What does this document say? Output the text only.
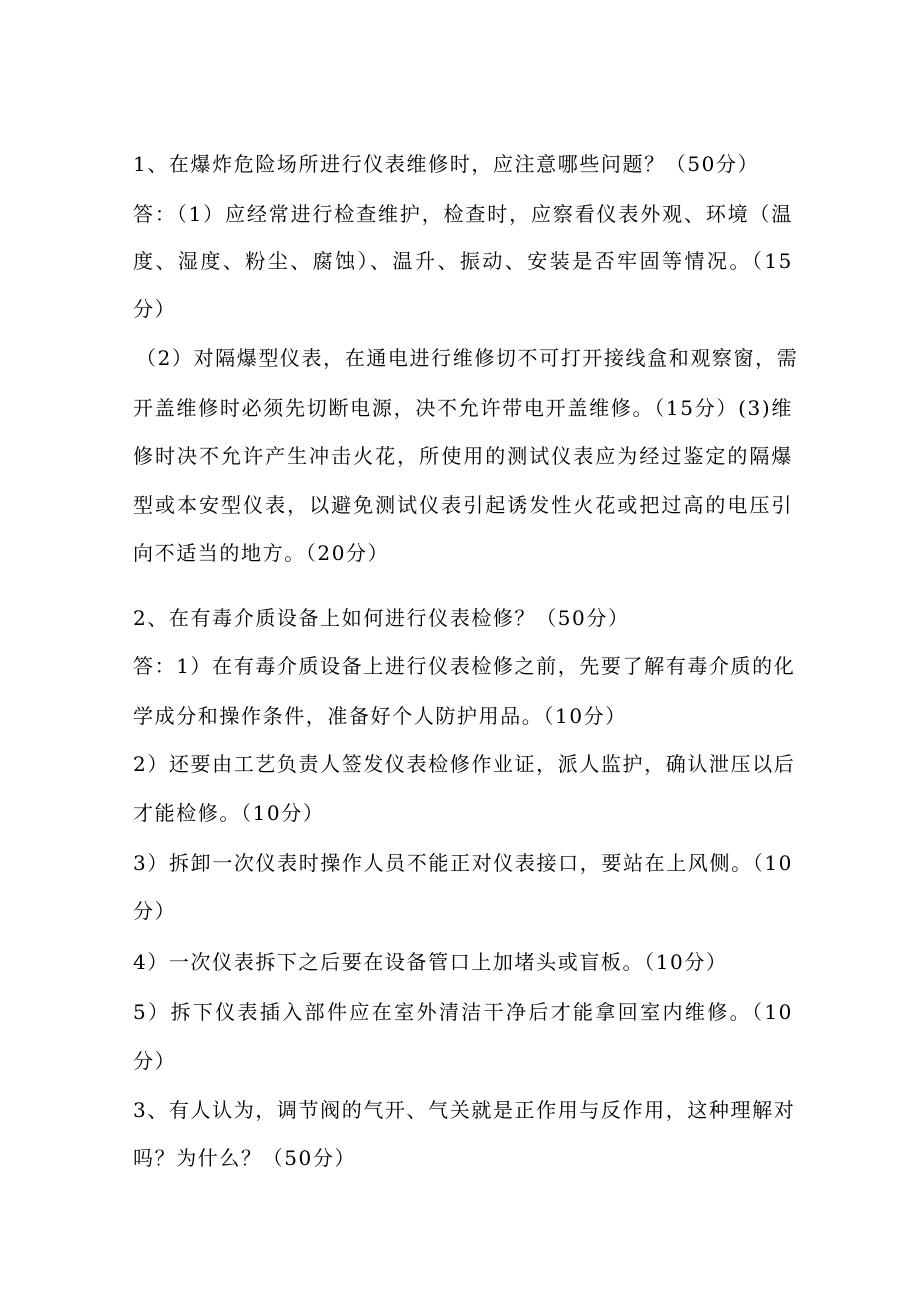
1、在爆炸危险场所进行仪表维修时，应注意哪些问题？（50分）
答：（1）应经常进行检查维护，检查时，应察看仪表外观、环境（温
度、湿度、粉尘、腐蚀）、温升、振动、安装是否牢固等情况。（15
分）
（2）对隔爆型仪表，在通电进行维修切不可打开接线盒和观察窗，需
开盖维修时必须先切断电源，决不允许带电开盖维修。（15分）(3)维
修时决不允许产生冲击火花，所使用的测试仪表应为经过鉴定的隔爆
型或本安型仪表，以避免测试仪表引起诱发性火花或把过高的电压引
向不适当的地方。（20分）
2、在有毒介质设备上如何进行仪表检修？（50分）
答：1）在有毒介质设备上进行仪表检修之前，先要了解有毒介质的化
学成分和操作条件，准备好个人防护用品。（10分）
2）还要由工艺负责人签发仪表检修作业证，派人监护，确认泄压以后
才能检修。（10分）
3）拆卸一次仪表时操作人员不能正对仪表接口，要站在上风侧。（10
分）
4）一次仪表拆下之后要在设备管口上加堵头或盲板。（10分）
5）拆下仪表插入部件应在室外清洁干净后才能拿回室内维修。（10
分）
3、有人认为，调节阀的气开、气关就是正作用与反作用，这种理解对
吗？为什么？（50分）
